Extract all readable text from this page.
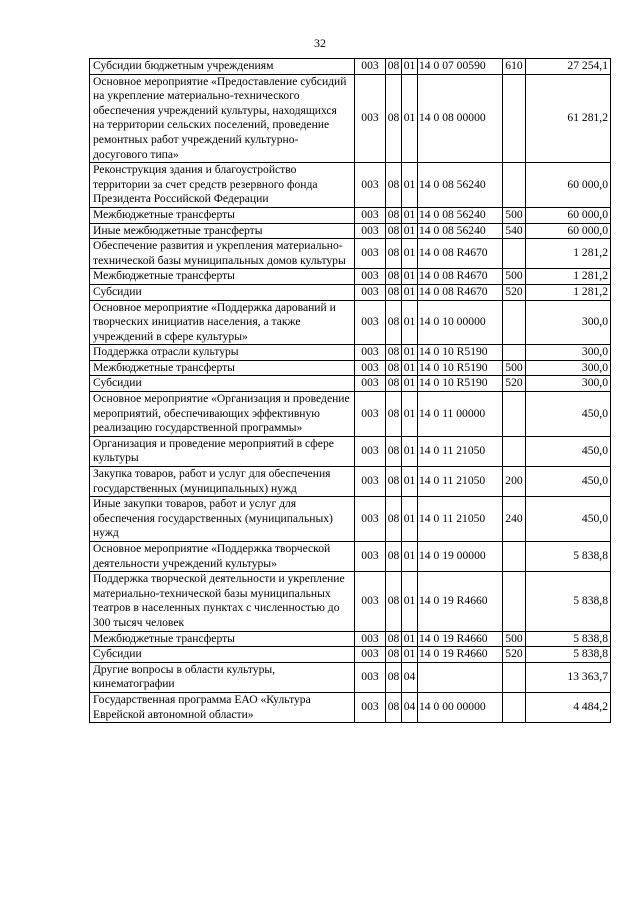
32
Субсидии бюджетным учреждениям	003	08	01	14 0 07 00590	610	27 254,1
Основное мероприятие «Предоставление субсидий на укрепление материально-технического обеспечения учреждений культуры, находящихся на территории сельских поселений, проведение ремонтных работ учреждений культурно-досугового типа»	003	08	01	14 0 08 00000		61 281,2
Реконструкция здания и благоустройство территории за счет средств резервного фонда Президента Российской Федерации	003	08	01	14 0 08 56240		60 000,0
Межбюджетные трансферты	003	08	01	14 0 08 56240	500	60 000,0
Иные межбюджетные трансферты	003	08	01	14 0 08 56240	540	60 000,0
Обеспечение развития и укрепления материально-технической базы муниципальных домов культуры	003	08	01	14 0 08 R4670		1 281,2
Межбюджетные трансферты	003	08	01	14 0 08 R4670	500	1 281,2
Субсидии	003	08	01	14 0 08 R4670	520	1 281,2
Основное мероприятие «Поддержка дарований и творческих инициатив населения, а также учреждений в сфере культуры»	003	08	01	14 0 10 00000		300,0
Поддержка отрасли культуры	003	08	01	14 0 10 R5190		300,0
Межбюджетные трансферты	003	08	01	14 0 10 R5190	500	300,0
Субсидии	003	08	01	14 0 10 R5190	520	300,0
Основное мероприятие «Организация и проведение мероприятий, обеспечивающих эффективную реализацию государственной программы»	003	08	01	14 0 11 00000		450,0
Организация и проведение мероприятий в сфере культуры	003	08	01	14 0 11 21050		450,0
Закупка товаров, работ и услуг для обеспечения государственных (муниципальных) нужд	003	08	01	14 0 11 21050	200	450,0
Иные закупки товаров, работ и услуг для обеспечения государственных (муниципальных) нужд	003	08	01	14 0 11 21050	240	450,0
Основное мероприятие «Поддержка творческой деятельности учреждений культуры»	003	08	01	14 0 19 00000		5 838,8
Поддержка творческой деятельности и укрепление материально-технической базы муниципальных театров в населенных пунктах с численностью до 300 тысяч человек	003	08	01	14 0 19 R4660		5 838,8
Межбюджетные трансферты	003	08	01	14 0 19 R4660	500	5 838,8
Субсидии	003	08	01	14 0 19 R4660	520	5 838,8
Другие вопросы в области культуры, кинематографии	003	08	04			13 363,7
Государственная программа ЕАО «Культура Еврейской автономной области»	003	08	04	14 0 00 00000		4 484,2
